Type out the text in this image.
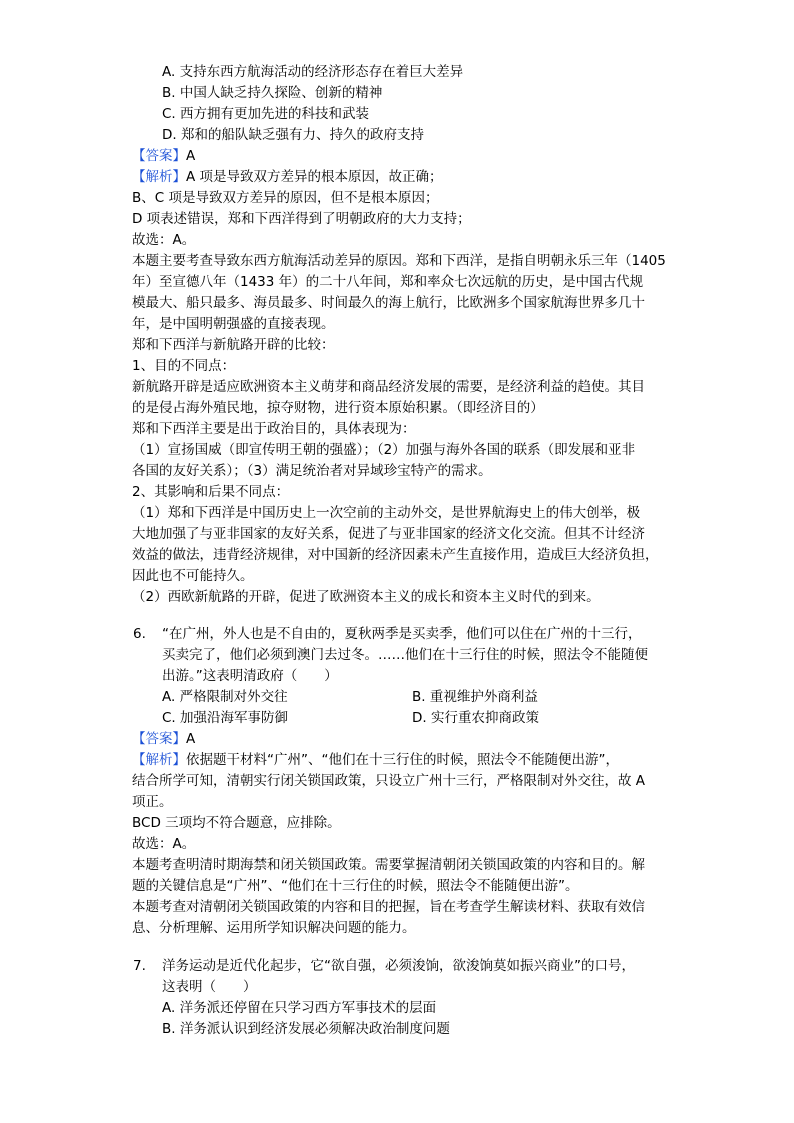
A. 支持东西方航海活动的经济形态存在着巨大差异
B. 中国人缺乏持久探险、创新的精神
C. 西方拥有更加先进的科技和武装
D. 郑和的船队缺乏强有力、持久的政府支持
【答案】A
【解析】A 项是导致双方差异的根本原因，故正确；
B、C 项是导致双方差异的原因，但不是根本原因；
D 项表述错误，郑和下西洋得到了明朝政府的大力支持；
故选：A。
本题主要考查导致东西方航海活动差异的原因。郑和下西洋，是指自明朝永乐三年（1405
年）至宣德八年（1433 年）的二十八年间，郑和率众七次远航的历史，是中国古代规
模最大、船只最多、海员最多、时间最久的海上航行，比欧洲多个国家航海世界多几十
年，是中国明朝强盛的直接表现。
郑和下西洋与新航路开辟的比较：
1、目的不同点：
新航路开辟是适应欧洲资本主义萌芽和商品经济发展的需要，是经济利益的趋使。其目
的是侵占海外殖民地，掠夺财物，进行资本原始积累。（即经济目的）
郑和下西洋主要是出于政治目的，具体表现为：
（1）宣扬国威（即宣传明王朝的强盛）；（2）加强与海外各国的联系（即发展和亚非
各国的友好关系）；（3）满足统治者对异域珍宝特产的需求。
2、其影响和后果不同点：
（1）郑和下西洋是中国历史上一次空前的主动外交，是世界航海史上的伟大创举，极
大地加强了与亚非国家的友好关系，促进了与亚非国家的经济文化交流。但其不计经济
效益的做法，违背经济规律，对中国新的经济因素未产生直接作用，造成巨大经济负担，
因此也不可能持久。
（2）西欧新航路的开辟，促进了欧洲资本主义的成长和资本主义时代的到来。
6. “在广州，外人也是不自由的，夏秋两季是买卖季，他们可以住在广州的十三行，
买卖完了，他们必须到澳门去过冬。……他们在十三行住的时候，照法令不能随便
出游。”这表明清政府（　　）
A. 严格限制对外交往	B. 重视维护外商利益
C. 加强沿海军事防御	D. 实行重农抑商政策
【答案】A
【解析】依据题干材料“广州”、“他们在十三行住的时候，照法令不能随便出游”，
结合所学可知，清朝实行闭关锁国政策，只设立广州十三行，严格限制对外交往，故 A
项正。
BCD 三项均不符合题意，应排除。
故选：A。
本题考查明清时期海禁和闭关锁国政策。需要掌握清朝闭关锁国政策的内容和目的。解
题的关键信息是“广州”、“他们在十三行住的时候，照法令不能随便出游”。
本题考查对清朝闭关锁国政策的内容和目的把握，旨在考查学生解读材料、获取有效信
息、分析理解、运用所学知识解决问题的能力。
7. 洋务运动是近代化起步，它“欲自强，必须浚饷，欲浚饷莫如振兴商业”的口号，
这表明（　　）
A. 洋务派还停留在只学习西方军事技术的层面
B. 洋务派认识到经济发展必须解决政治制度问题
